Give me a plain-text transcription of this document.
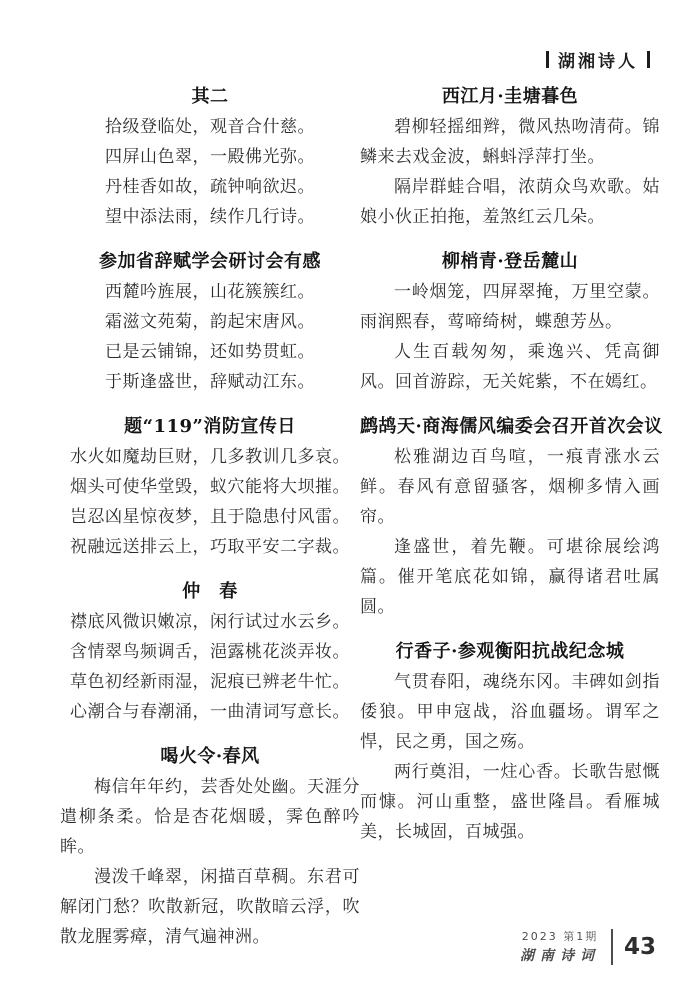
湖湘诗人
其二
拾级登临处，观音合什慈。
四屏山色翠，一殿佛光弥。
丹桂香如故，疏钟响欲迟。
望中添法雨，续作几行诗。
参加省辞赋学会研讨会有感
西麓吟旌展，山花簇簇红。
霜滋文苑菊，韵起宋唐风。
已是云铺锦，还如势贯虹。
于斯逢盛世，辞赋动江东。
题“119”消防宣传日
水火如魔劫巨财，几多教训几多哀。
烟头可使华堂毁，蚁穴能将大坝摧。
岂忍凶星惊夜梦，且于隐患付风雷。
祝融远送排云上，巧取平安二字裁。
仲　春
襟底风微识嫩凉，闲行试过水云乡。
含情翠鸟频调舌，浥露桃花淡弄妆。
草色初经新雨湿，泥痕已辨老牛忙。
心潮合与春潮涌，一曲清词写意长。
喝火令·春风

梅信年年约，芸香处处幽。天涯分遣柳条柔。恰是杏花烟暖，霁色醉吟眸。

漫泼千峰翠，闲描百草稠。东君可解闭门愁？吹散新冠，吹散暗云浮，吹散龙腥雾瘴，清气遍神洲。

西江月·圭塘暮色

碧柳轻摇细辫，微风热吻清荷。锦鳞来去戏金波，蝌蚪浮萍打坐。

隔岸群蛙合唱，浓荫众鸟欢歌。姑娘小伙正拍拖，羞煞红云几朵。

柳梢青·登岳麓山

一岭烟笼，四屏翠掩，万里空蒙。雨润熙春，莺啼绮树，蝶憩芳丛。

人生百载匆匆，乘逸兴、凭高御风。回首游踪，无关姹紫，不在嫣红。

鹧鸪天·商海儒风编委会召开首次会议

松雅湖边百鸟喧，一痕青涨水云鲜。春风有意留骚客，烟柳多情入画帘。

逢盛世，着先鞭。可堪徐展绘鸿篇。催开笔底花如锦，赢得诸君吐属圆。

行香子·参观衡阳抗战纪念城

气贯春阳，魂绕东冈。丰碑如剑指倭狼。甲申寇战，浴血疆场。谓军之悍，民之勇，国之殇。

两行奠泪，一炷心香。长歌告慰慨而慷。河山重整，盛世隆昌。看雁城美，长城固，百城强。

2023 第1期
湖南诗词 43
